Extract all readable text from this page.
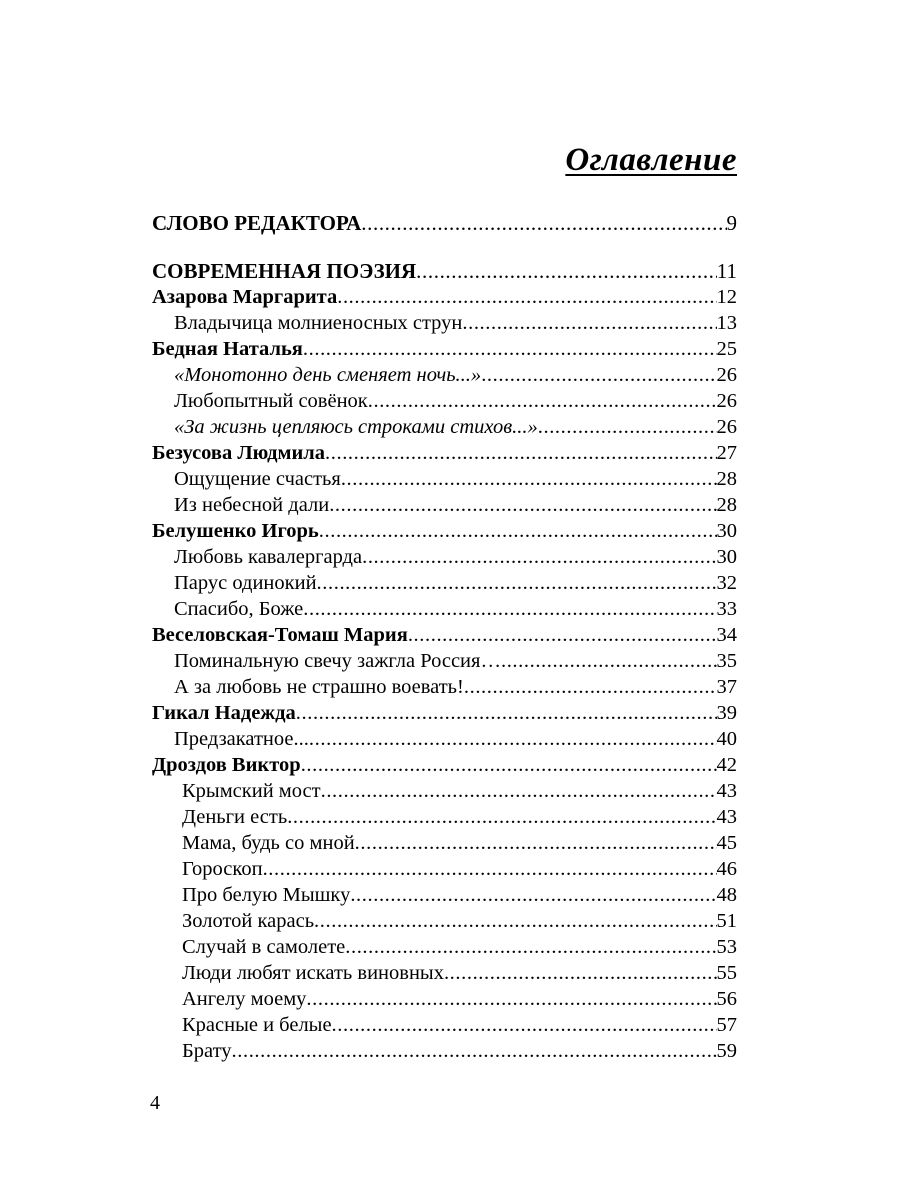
Оглавление
СЛОВО РЕДАКТОРА .....	9
СОВРЕМЕННАЯ ПОЭЗИЯ .....	11
Азарова Маргарита .....	12
Владычица молниеносных струн .....	13
Бедная Наталья .....	25
«Монотонно день сменяет ночь...» .....	26
Любопытный совёнок .....	26
«За жизнь цепляюсь строками стихов...» .....	26
Безусова Людмила .....	27
Ощущение счастья .....	28
Из небесной дали .....	28
Белушенко Игорь .....	30
Любовь кавалергарда .....	30
Парус одинокий .....	32
Спасибо, Боже .....	33
Веселовская-Томаш Мария .....	34
Поминальную свечу зажгла Россия… .....	35
А за любовь не страшно воевать! .....	37
Гикал Надежда .....	39
Предзакатное... .....	40
Дроздов Виктор .....	42
Крымский мост .....	43
Деньги есть .....	43
Мама, будь со мной .....	45
Гороскоп .....	46
Про белую Мышку .....	48
Золотой карась .....	51
Случай в самолете .....	53
Люди любят искать виновных .....	55
Ангелу моему .....	56
Красные и белые .....	57
Брату .....	59
4
